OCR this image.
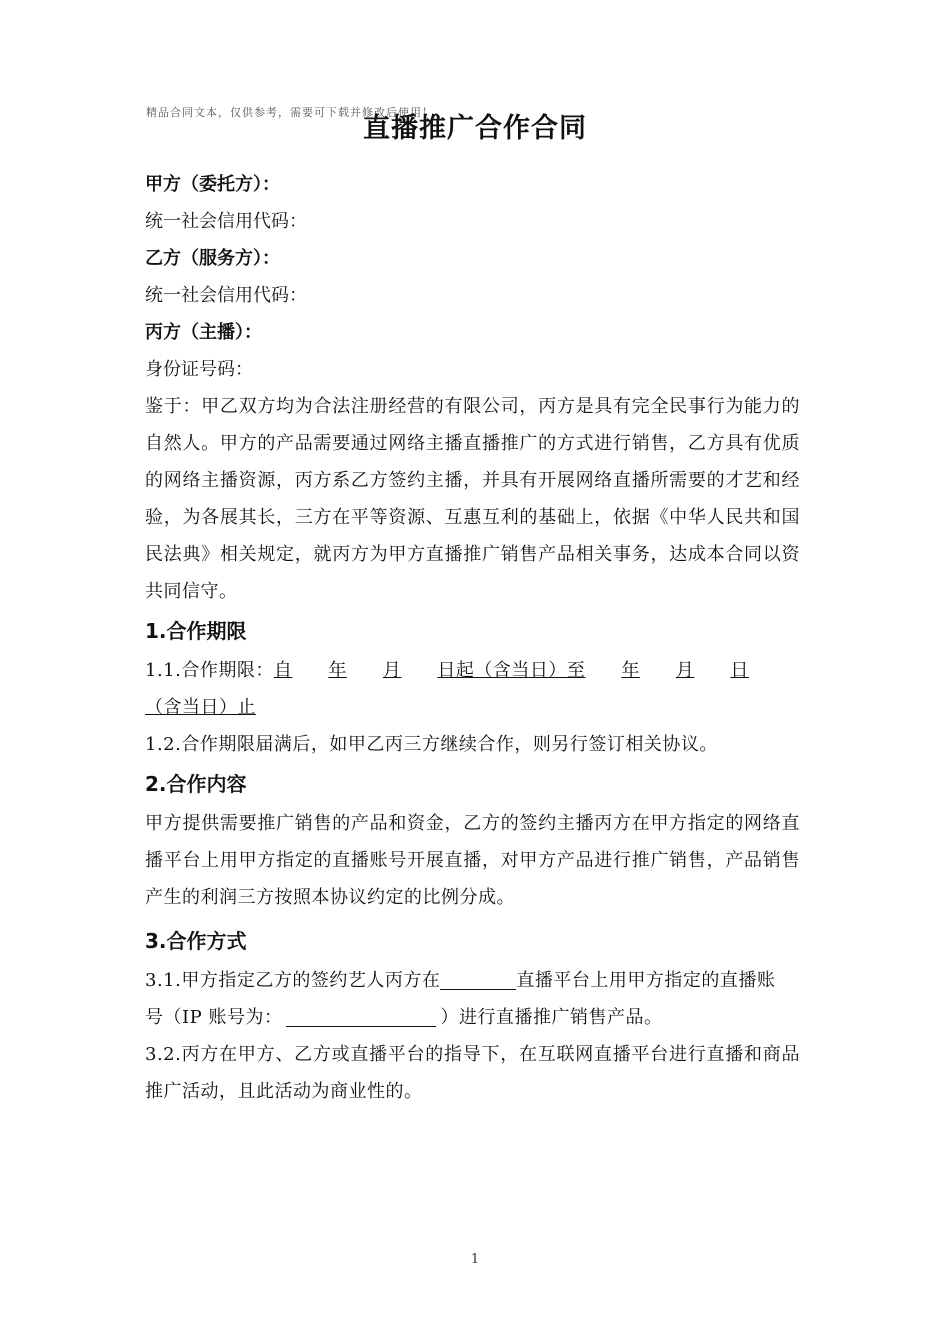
精品合同文本，仅供参考，需要可下载并修改后使用！
直播推广合作合同
甲方（委托方）：
统一社会信用代码：
乙方（服务方）：
统一社会信用代码：
丙方（主播）：
身份证号码：
鉴于：甲乙双方均为合法注册经营的有限公司，丙方是具有完全民事行为能力的自然人。甲方的产品需要通过网络主播直播推广的方式进行销售，乙方具有优质的网络主播资源，丙方系乙方签约主播，并具有开展网络直播所需要的才艺和经验，为各展其长，三方在平等资源、互惠互利的基础上，依据《中华人民共和国民法典》相关规定，就丙方为甲方直播推广销售产品相关事务，达成本合同以资共同信守。
1.合作期限
1.1.合作期限：自 年 月 日起（含当日）至 年 月 日
（含当日）止
1.2.合作期限届满后，如甲乙丙三方继续合作，则另行签订相关协议。
2.合作内容
甲方提供需要推广销售的产品和资金，乙方的签约主播丙方在甲方指定的网络直播平台上用甲方指定的直播账号开展直播，对甲方产品进行推广销售，产品销售产生的利润三方按照本协议约定的比例分成。
3.合作方式
3.1.甲方指定乙方的签约艺人丙方在	直播平台上用甲方指定的直播账
号（IP 账号为：	）进行直播推广销售产品。
3.2.丙方在甲方、乙方或直播平台的指导下，在互联网直播平台进行直播和商品推广活动，且此活动为商业性的。
1
